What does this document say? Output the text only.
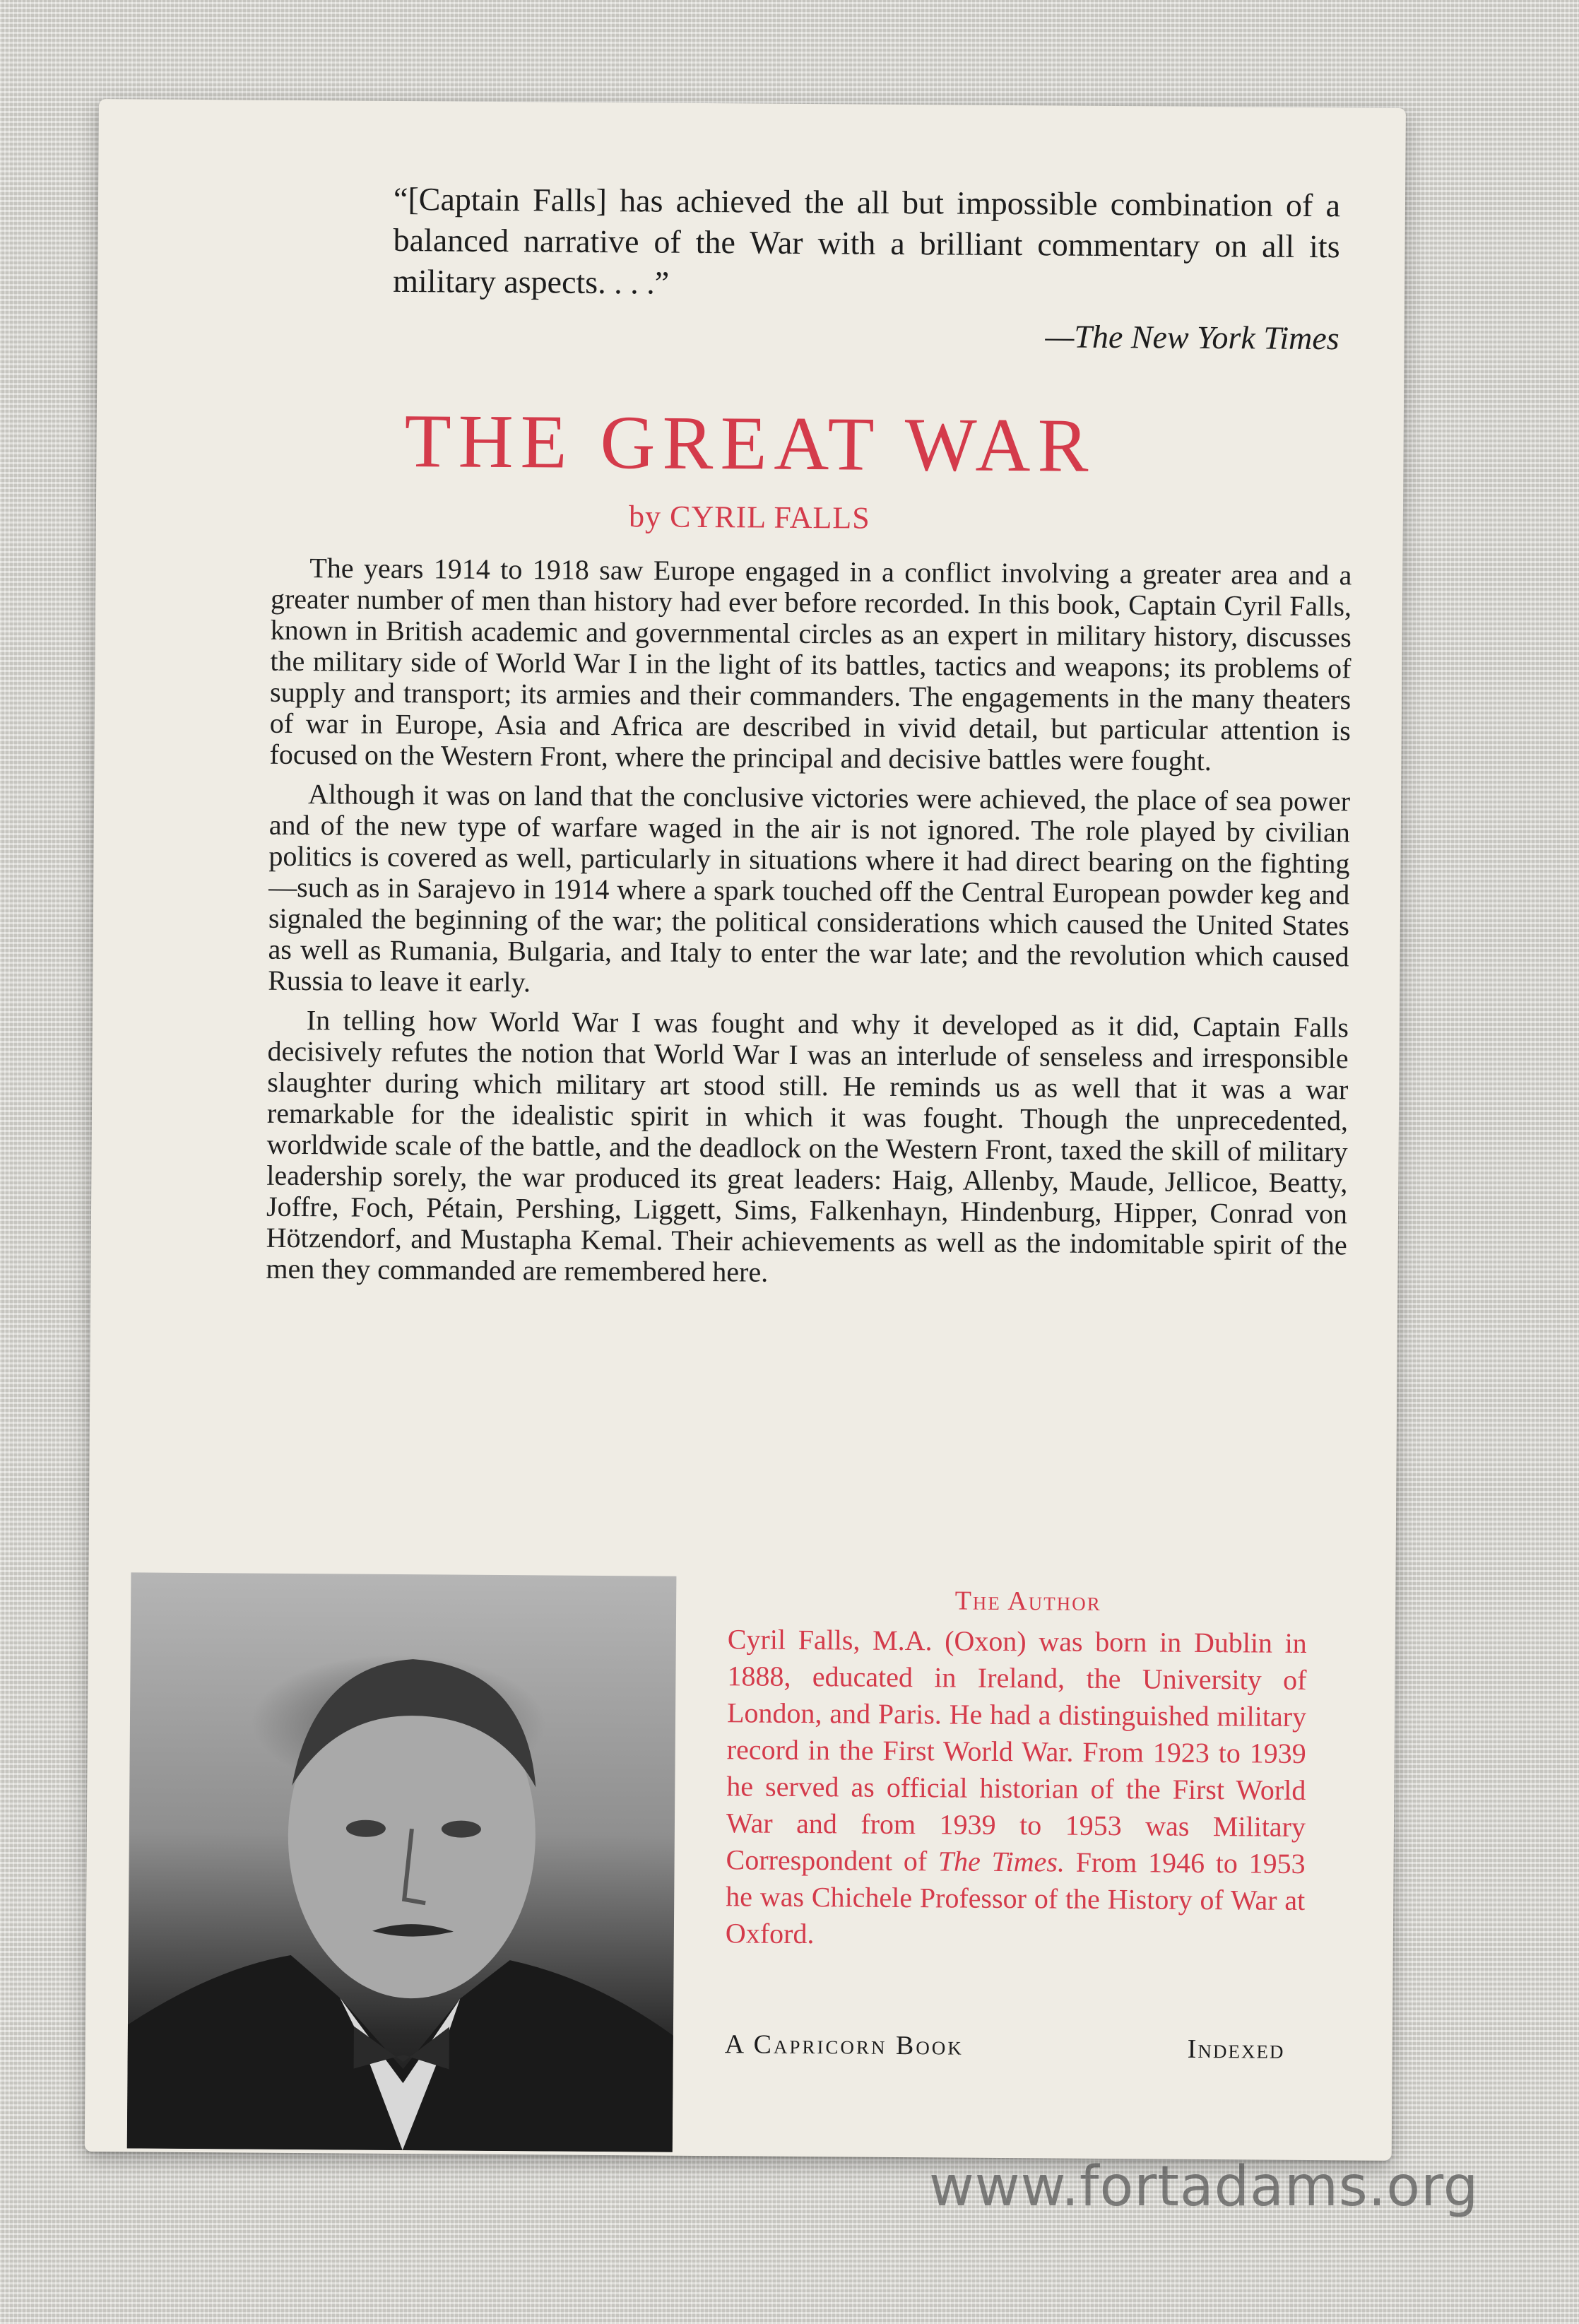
“[Captain Falls] has achieved the all but impossible combination of a balanced narrative of the War with a brilliant commentary on all its military aspects. . . .”
—The New York Times
THE GREAT WAR
by CYRIL FALLS

The years 1914 to 1918 saw Europe engaged in a conflict involving a greater area and a greater number of men than history had ever before recorded. In this book, Captain Cyril Falls, known in British academic and governmental circles as an expert in military history, discusses the military side of World War I in the light of its battles, tactics and weapons; its problems of supply and transport; its armies and their commanders. The engagements in the many theaters of war in Europe, Asia and Africa are described in vivid detail, but particular attention is focused on the Western Front, where the principal and decisive battles were fought.

Although it was on land that the conclusive victories were achieved, the place of sea power and of the new type of warfare waged in the air is not ignored. The role played by civilian politics is covered as well, particularly in situations where it had direct bearing on the fighting—such as in Sarajevo in 1914 where a spark touched off the Central European powder keg and signaled the beginning of the war; the political considerations which caused the United States as well as Rumania, Bulgaria, and Italy to enter the war late; and the revolution which caused Russia to leave it early.

In telling how World War I was fought and why it developed as it did, Captain Falls decisively refutes the notion that World War I was an interlude of senseless and irresponsible slaughter during which military art stood still. He reminds us as well that it was a war remarkable for the idealistic spirit in which it was fought. Though the unprecedented, worldwide scale of the battle, and the deadlock on the Western Front, taxed the skill of military leadership sorely, the war produced its great leaders: Haig, Allenby, Maude, Jellicoe, Beatty, Joffre, Foch, Pétain, Pershing, Liggett, Sims, Falkenhayn, Hindenburg, Hipper, Conrad von Hötzendorf, and Mustapha Kemal. Their achievements as well as the indomitable spirit of the men they commanded are remembered here.

The Author
Cyril Falls, M.A. (Oxon) was born in Dublin in 1888, educated in Ireland, the University of London, and Paris. He had a distinguished military record in the First World War. From 1923 to 1939 he served as official historian of the First World War and from 1939 to 1953 was Military Correspondent of The Times. From 1946 to 1953 he was Chichele Professor of the History of War at Oxford.
A Capricorn Book	Indexed
www.fortadams.org
